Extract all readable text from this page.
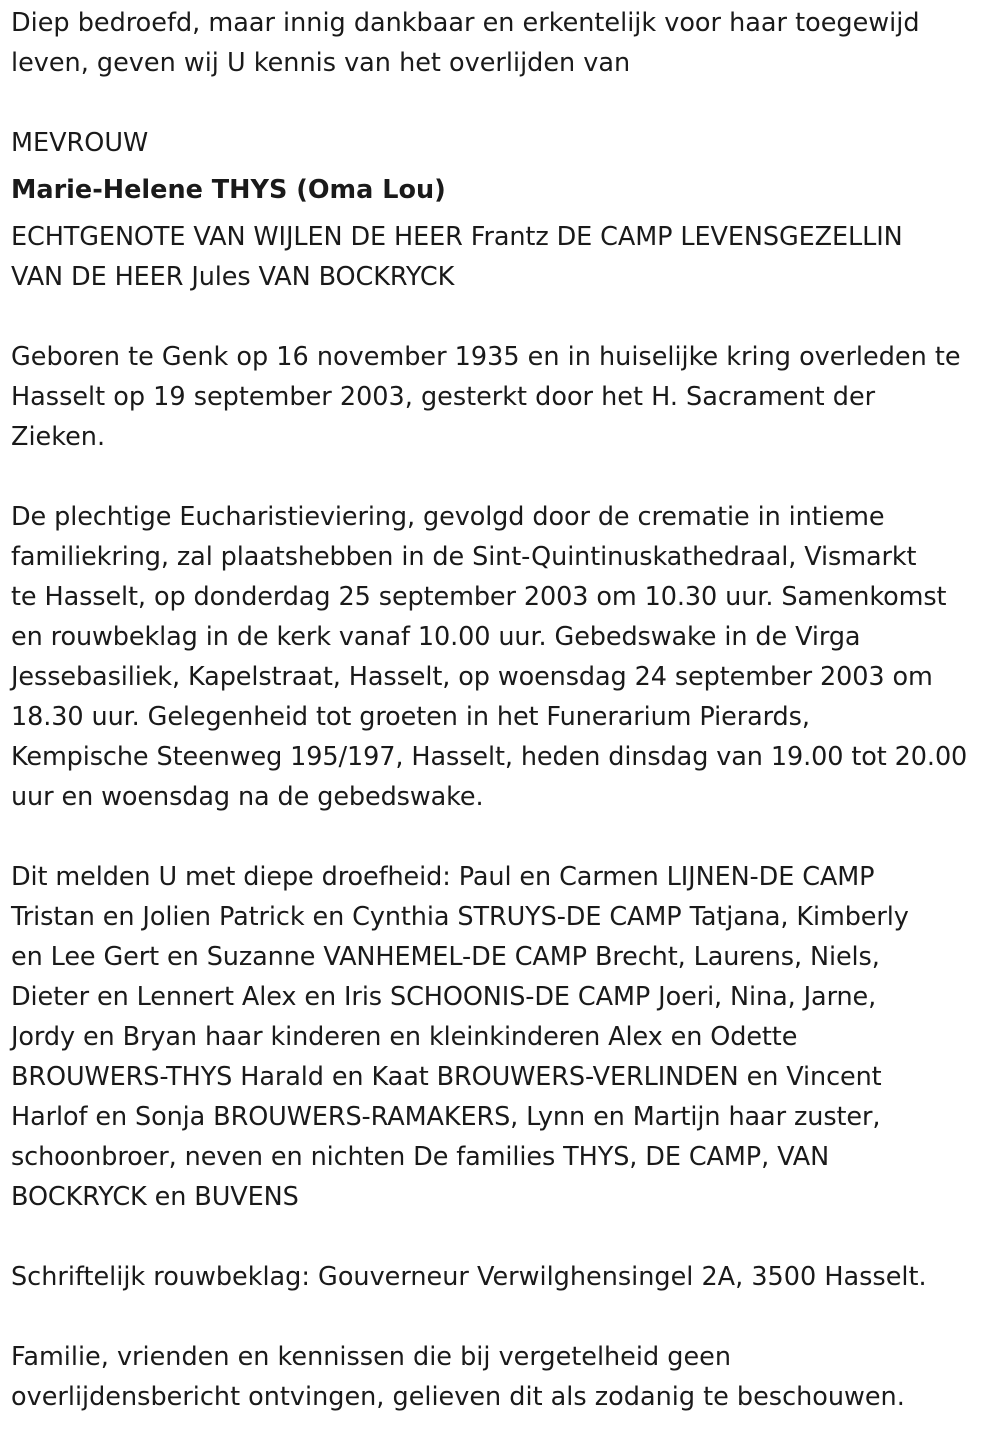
Diep bedroefd, maar innig dankbaar en erkentelijk voor haar toegewijd
leven, geven wij U kennis van het overlijden van

MEVROUW

Marie-Helene THYS (Oma Lou)

ECHTGENOTE VAN WIJLEN DE HEER Frantz DE CAMP LEVENSGEZELLIN
VAN DE HEER Jules VAN BOCKRYCK

Geboren te Genk op 16 november 1935 en in huiselijke kring overleden te
Hasselt op 19 september 2003, gesterkt door het H. Sacrament der
Zieken.

De plechtige Eucharistieviering, gevolgd door de crematie in intieme
familiekring, zal plaatshebben in de Sint-Quintinuskathedraal, Vismarkt
te Hasselt, op donderdag 25 september 2003 om 10.30 uur. Samenkomst
en rouwbeklag in de kerk vanaf 10.00 uur. Gebedswake in de Virga
Jessebasiliek, Kapelstraat, Hasselt, op woensdag 24 september 2003 om
18.30 uur. Gelegenheid tot groeten in het Funerarium Pierards,
Kempische Steenweg 195/197, Hasselt, heden dinsdag van 19.00 tot 20.00
uur en woensdag na de gebedswake.

Dit melden U met diepe droefheid: Paul en Carmen LIJNEN-DE CAMP
Tristan en Jolien Patrick en Cynthia STRUYS-DE CAMP Tatjana, Kimberly
en Lee Gert en Suzanne VANHEMEL-DE CAMP Brecht, Laurens, Niels,
Dieter en Lennert Alex en Iris SCHOONIS-DE CAMP Joeri, Nina, Jarne,
Jordy en Bryan haar kinderen en kleinkinderen Alex en Odette
BROUWERS-THYS Harald en Kaat BROUWERS-VERLINDEN en Vincent
Harlof en Sonja BROUWERS-RAMAKERS, Lynn en Martijn haar zuster,
schoonbroer, neven en nichten De families THYS, DE CAMP, VAN
BOCKRYCK en BUVENS

Schriftelijk rouwbeklag: Gouverneur Verwilghensingel 2A, 3500 Hasselt.

Familie, vrienden en kennissen die bij vergetelheid geen
overlijdensbericht ontvingen, gelieven dit als zodanig te beschouwen.
